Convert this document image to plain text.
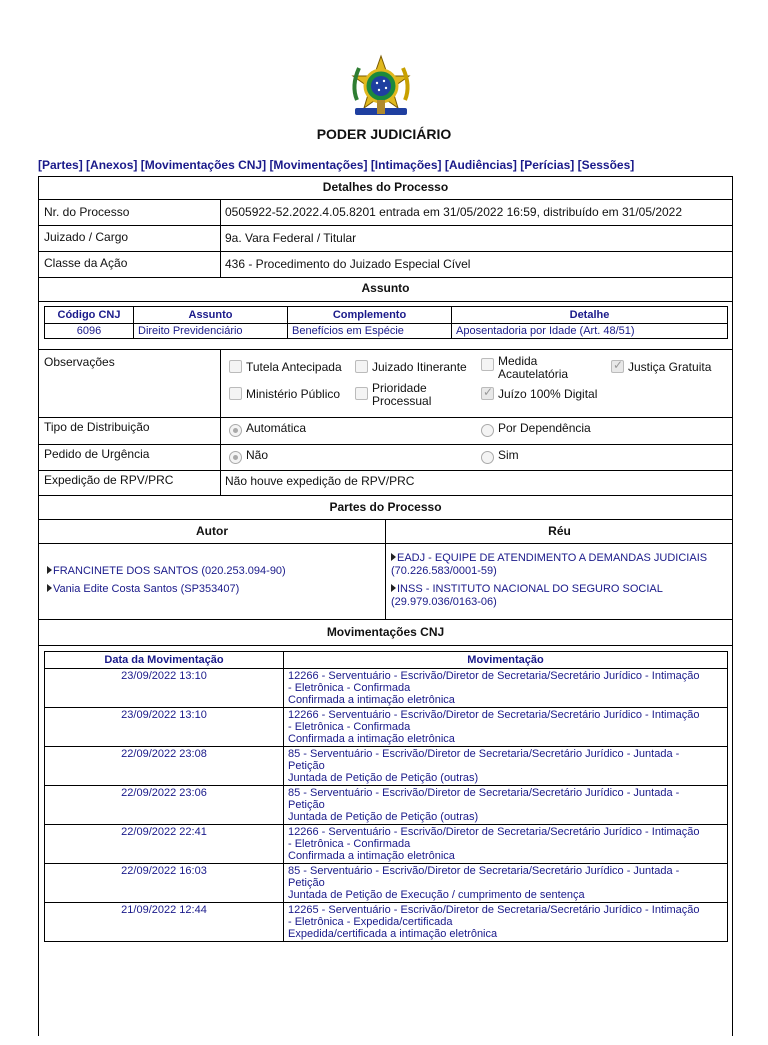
PODER JUDICIÁRIO
[Partes] [Anexos] [Movimentações CNJ] [Movimentações] [Intimações] [Audiências] [Perícias] [Sessões]
Detalhes do Processo
Nr. do Processo	0505922-52.2022.4.05.8201 entrada em 31/05/2022 16:59, distribuído em 31/05/2022
Juizado / Cargo	9a. Vara Federal / Titular
Classe da Ação	436 - Procedimento do Juizado Especial Cível
Assunto
Código CNJ	Assunto	Complemento	Detalhe
6096	Direito Previdenciário	Benefícios em Espécie	Aposentadoria por Idade (Art. 48/51)
Observações	Tutela Antecipada	Juizado Itinerante	Medida Acautelatória ✓	Justiça Gratuita
Ministério Público	Prioridade Processual ✓	Juízo 100% Digital
Tipo de Distribuição	Automática	Por Dependência
Pedido de Urgência	Não	Sim
Expedição de RPV/PRC	Não houve expedição de RPV/PRC
Partes do Processo
Autor	Réu
FRANCINETE DOS SANTOS (020.253.094-90)
Vania Edite Costa Santos (SP353407)
EADJ - EQUIPE DE ATENDIMENTO A DEMANDAS JUDICIAIS
(70.226.583/0001-59)
INSS - INSTITUTO NACIONAL DO SEGURO SOCIAL
(29.979.036/0163-06)
Movimentações CNJ
Data da Movimentação	Movimentação
23/09/2022 13:10	12266 - Serventuário - Escrivão/Diretor de Secretaria/Secretário Jurídico - Intimação
- Eletrônica - Confirmada
Confirmada a intimação eletrônica

23/09/2022 13:10	12266 - Serventuário - Escrivão/Diretor de Secretaria/Secretário Jurídico - Intimação
- Eletrônica - Confirmada
Confirmada a intimação eletrônica

22/09/2022 23:08	85 - Serventuário - Escrivão/Diretor de Secretaria/Secretário Jurídico - Juntada -
Petição
Juntada de Petição de Petição (outras)

22/09/2022 23:06	85 - Serventuário - Escrivão/Diretor de Secretaria/Secretário Jurídico - Juntada -
Petição
Juntada de Petição de Petição (outras)

22/09/2022 22:41	12266 - Serventuário - Escrivão/Diretor de Secretaria/Secretário Jurídico - Intimação
- Eletrônica - Confirmada
Confirmada a intimação eletrônica

22/09/2022 16:03	85 - Serventuário - Escrivão/Diretor de Secretaria/Secretário Jurídico - Juntada -
Petição
Juntada de Petição de Execução / cumprimento de sentença

21/09/2022 12:44	12265 - Serventuário - Escrivão/Diretor de Secretaria/Secretário Jurídico - Intimação
- Eletrônica - Expedida/certificada
Expedida/certificada a intimação eletrônica
